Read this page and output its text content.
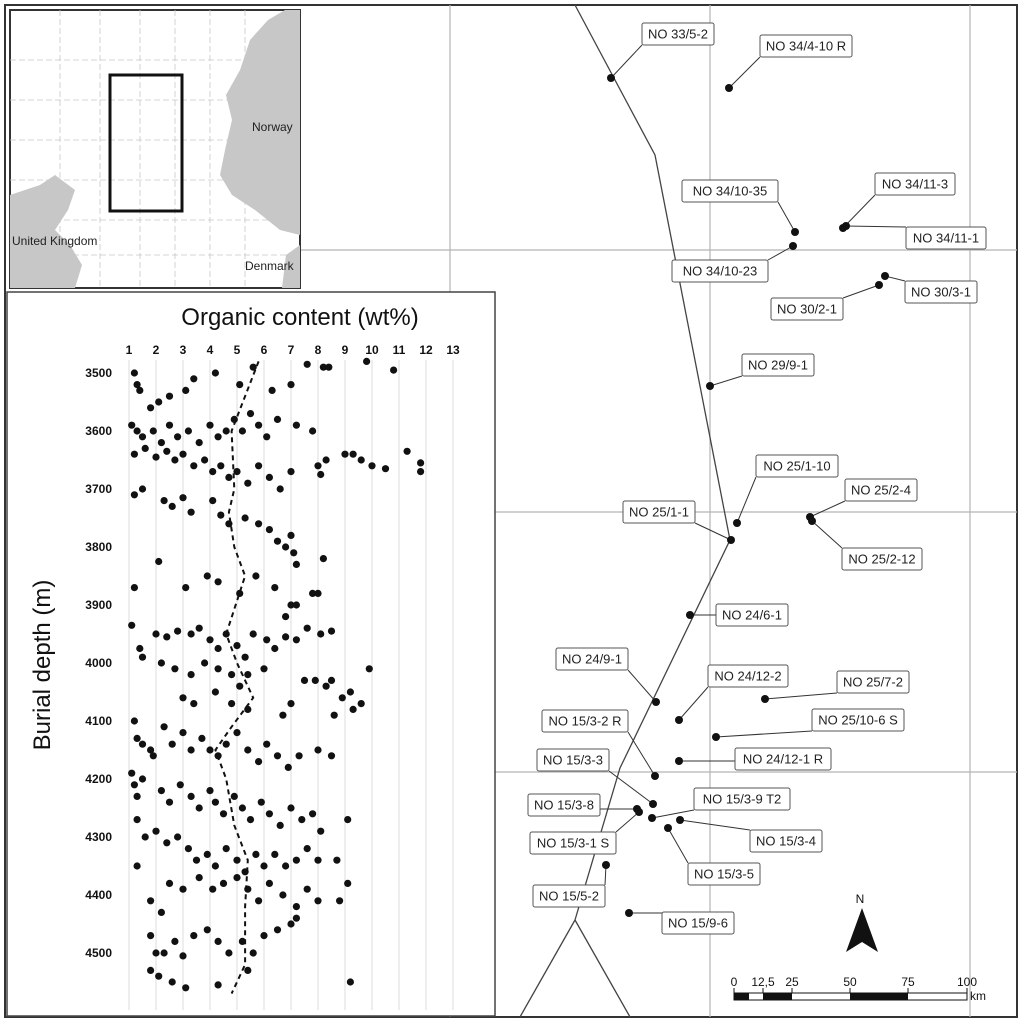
Norway
United Kingdom
Denmark
Organic content (wt%)
Burial depth (m)
1 2 3 4 5 6 7 8 9 10 11 12 13
3500
3600
3700
3800
3900
4000
4100
4200
4300
4400
4500
NO 33/5-2
NO 34/4-10 R
NO 34/10-35	NO 34/11-3
NO 34/11-1
NO 34/10-23
NO 30/2-1
NO 30/3-1
NO 29/9-1
NO 25/1-10
NO 25/2-4
NO 25/1-1
NO 25/2-12
NO 24/6-1
NO 24/9-1
NO 24/12-2	NO 25/7-2
NO 25/10-6 S
NO 15/3-2 R
NO 24/12-1 R
NO 15/3-3
NO 15/3-9 T2
NO 15/3-8
NO 15/3-4
NO 15/3-1 S
NO 15/3-5
NO 15/5-2
NO 15/9-6
N
0 12,5 25	50	75	100
km
